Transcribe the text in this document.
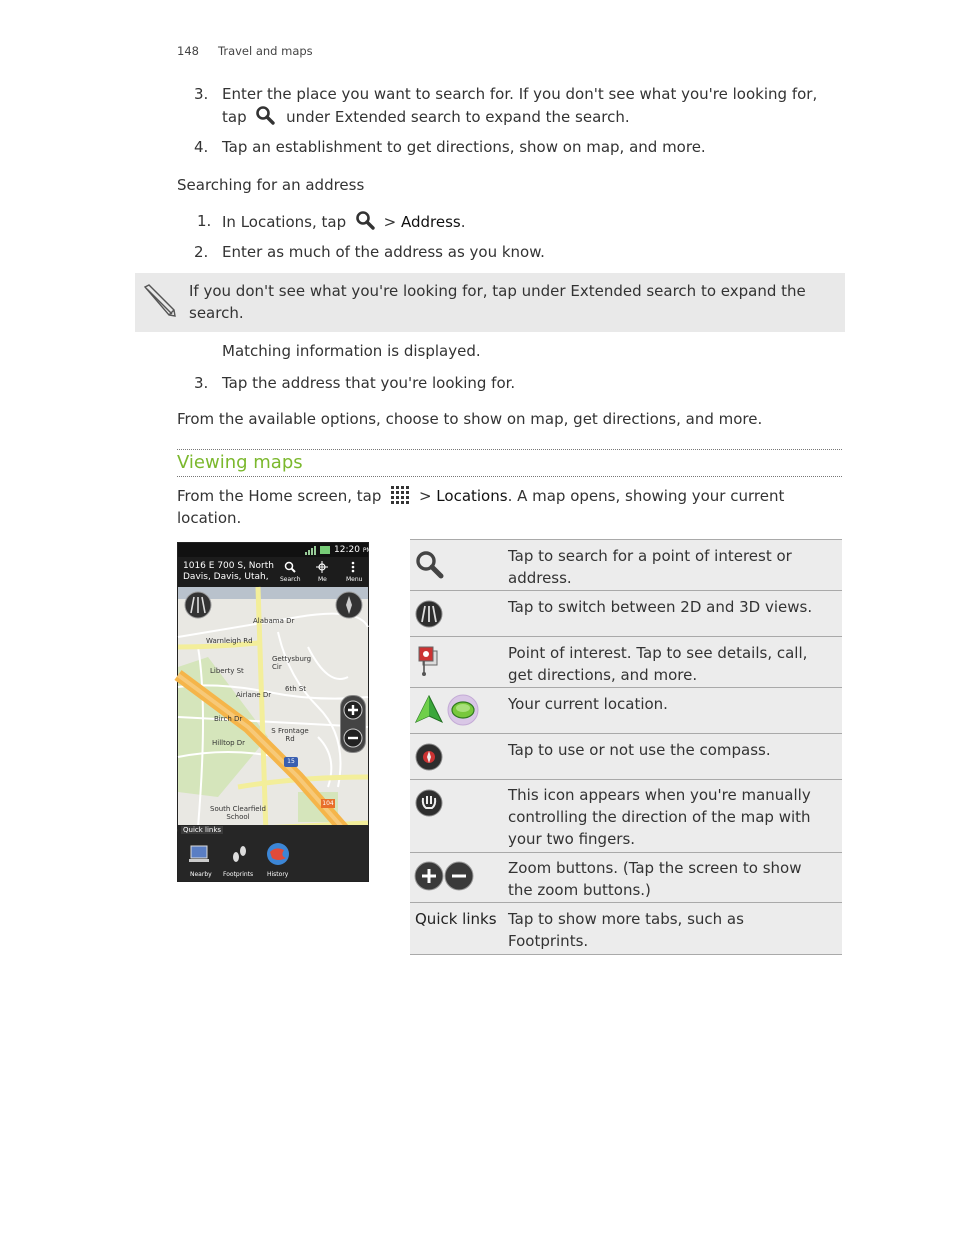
148 Travel and maps
3. Enter the place you want to search for. If you don't see what you're looking for,
tap	under Extended search to expand the search.
4. Tap an establishment to get directions, show on map, and more.
Searching for an address
1. In Locations, tap	> Address.
2. Enter as much of the address as you know.
If you don't see what you're looking for, tap under Extended search to expand the
search.
Matching information is displayed.
3. Tap the address that you're looking for.
From the available options, choose to show on map, get directions, and more.
Viewing maps
From the Home screen, tap	> Locations. A map opens, showing your current
location.
12:20 PM
1016 E 700 S, North
Davis, Davis, Utah, Search	Me	Menu
Alabama Dr
Warnleigh Rd
Gettysburg Cir
Liberty St
Airlane Dr
6th St
Birch Dr
S Frontage Rd
Hilltop Dr
South Clearfield School
15
104
Quick links
Nearby Footprints History
Tap to search for a point of interest or
address.
Tap to switch between 2D and 3D views.
Point of interest. Tap to see details, call,
get directions, and more.
Your current location.
Tap to use or not use the compass.
This icon appears when you're manually
controlling the direction of the map with
your two fingers.
Zoom buttons. (Tap the screen to show
the zoom buttons.)
Quick links Tap to show more tabs, such as
Footprints.
